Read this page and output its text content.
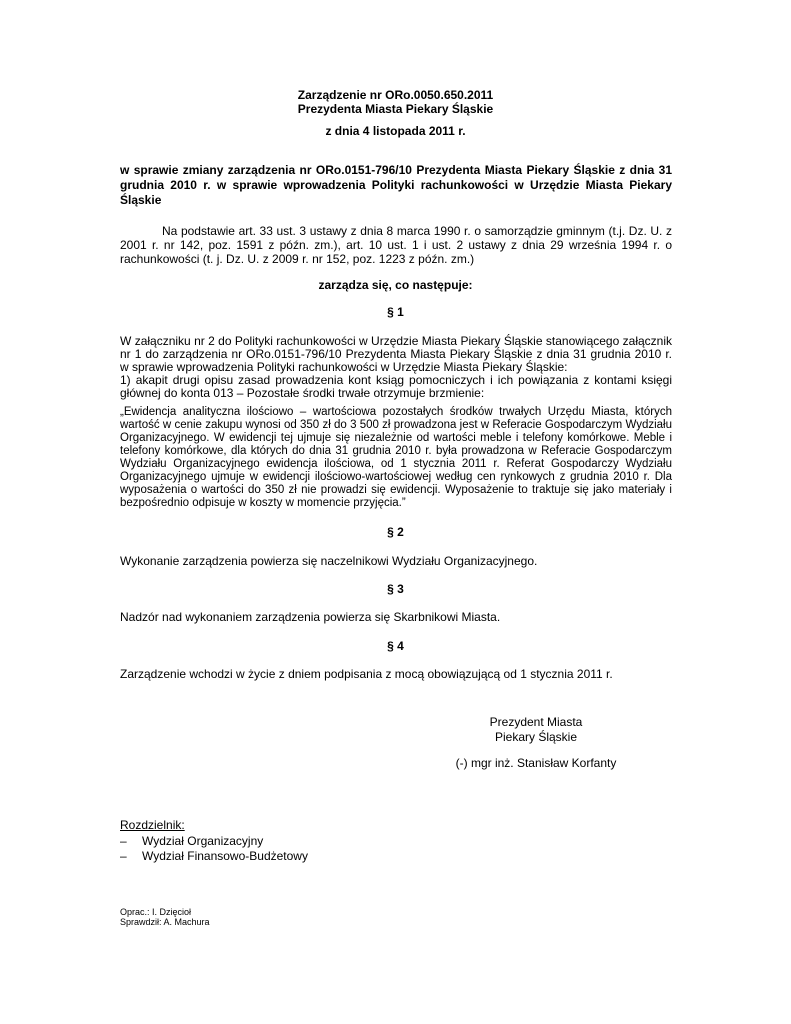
Zarządzenie nr ORo.0050.650.2011
Prezydenta Miasta Piekary Śląskie
z dnia 4 listopada 2011 r.
w sprawie zmiany zarządzenia nr ORo.0151-796/10 Prezydenta Miasta Piekary Śląskie z dnia 31 grudnia 2010 r. w sprawie wprowadzenia Polityki rachunkowości w Urzędzie Miasta Piekary Śląskie
Na podstawie art. 33 ust. 3 ustawy z dnia 8 marca 1990 r. o samorządzie gminnym (t.j. Dz. U. z 2001 r. nr 142, poz. 1591 z późn. zm.), art. 10 ust. 1 i ust. 2 ustawy z dnia 29 września 1994 r. o rachunkowości (t. j. Dz. U. z 2009 r. nr 152, poz. 1223 z późn. zm.)
zarządza się, co następuje:
§ 1
W załączniku nr 2 do Polityki rachunkowości w Urzędzie Miasta Piekary Śląskie stanowiącego załącznik nr 1 do zarządzenia nr ORo.0151-796/10 Prezydenta Miasta Piekary Śląskie z dnia 31 grudnia 2010 r. w sprawie wprowadzenia Polityki rachunkowości w Urzędzie Miasta Piekary Śląskie:
1) akapit drugi opisu zasad prowadzenia kont ksiąg pomocniczych i ich powiązania z kontami księgi głównej do konta 013 – Pozostałe środki trwałe otrzymuje brzmienie:
„Ewidencja analityczna ilościowo – wartościowa pozostałych środków trwałych Urzędu Miasta, których wartość w cenie zakupu wynosi od 350 zł do 3 500 zł prowadzona jest w Referacie Gospodarczym Wydziału Organizacyjnego. W ewidencji tej ujmuje się niezależnie od wartości meble i telefony komórkowe. Meble i telefony komórkowe, dla których do dnia 31 grudnia 2010 r. była prowadzona w Referacie Gospodarczym Wydziału Organizacyjnego ewidencja ilościowa, od 1 stycznia 2011 r. Referat Gospodarczy Wydziału Organizacyjnego ujmuje w ewidencji ilościowo-wartościowej według cen rynkowych z grudnia 2010 r. Dla wyposażenia o wartości do 350 zł nie prowadzi się ewidencji. Wyposażenie to traktuje się jako materiały i bezpośrednio odpisuje w koszty w momencie przyjęcia.”
§ 2
Wykonanie zarządzenia powierza się naczelnikowi Wydziału Organizacyjnego.
§ 3
Nadzór nad wykonaniem zarządzenia powierza się Skarbnikowi Miasta.
§ 4
Zarządzenie wchodzi w życie z dniem podpisania z mocą obowiązującą od 1 stycznia 2011 r.
Prezydent Miasta
Piekary Śląskie
(-) mgr inż. Stanisław Korfanty
Rozdzielnik:
–	Wydział Organizacyjny
–	Wydział Finansowo-Budżetowy
Oprac.: I. Dzięcioł
Sprawdził: A. Machura
